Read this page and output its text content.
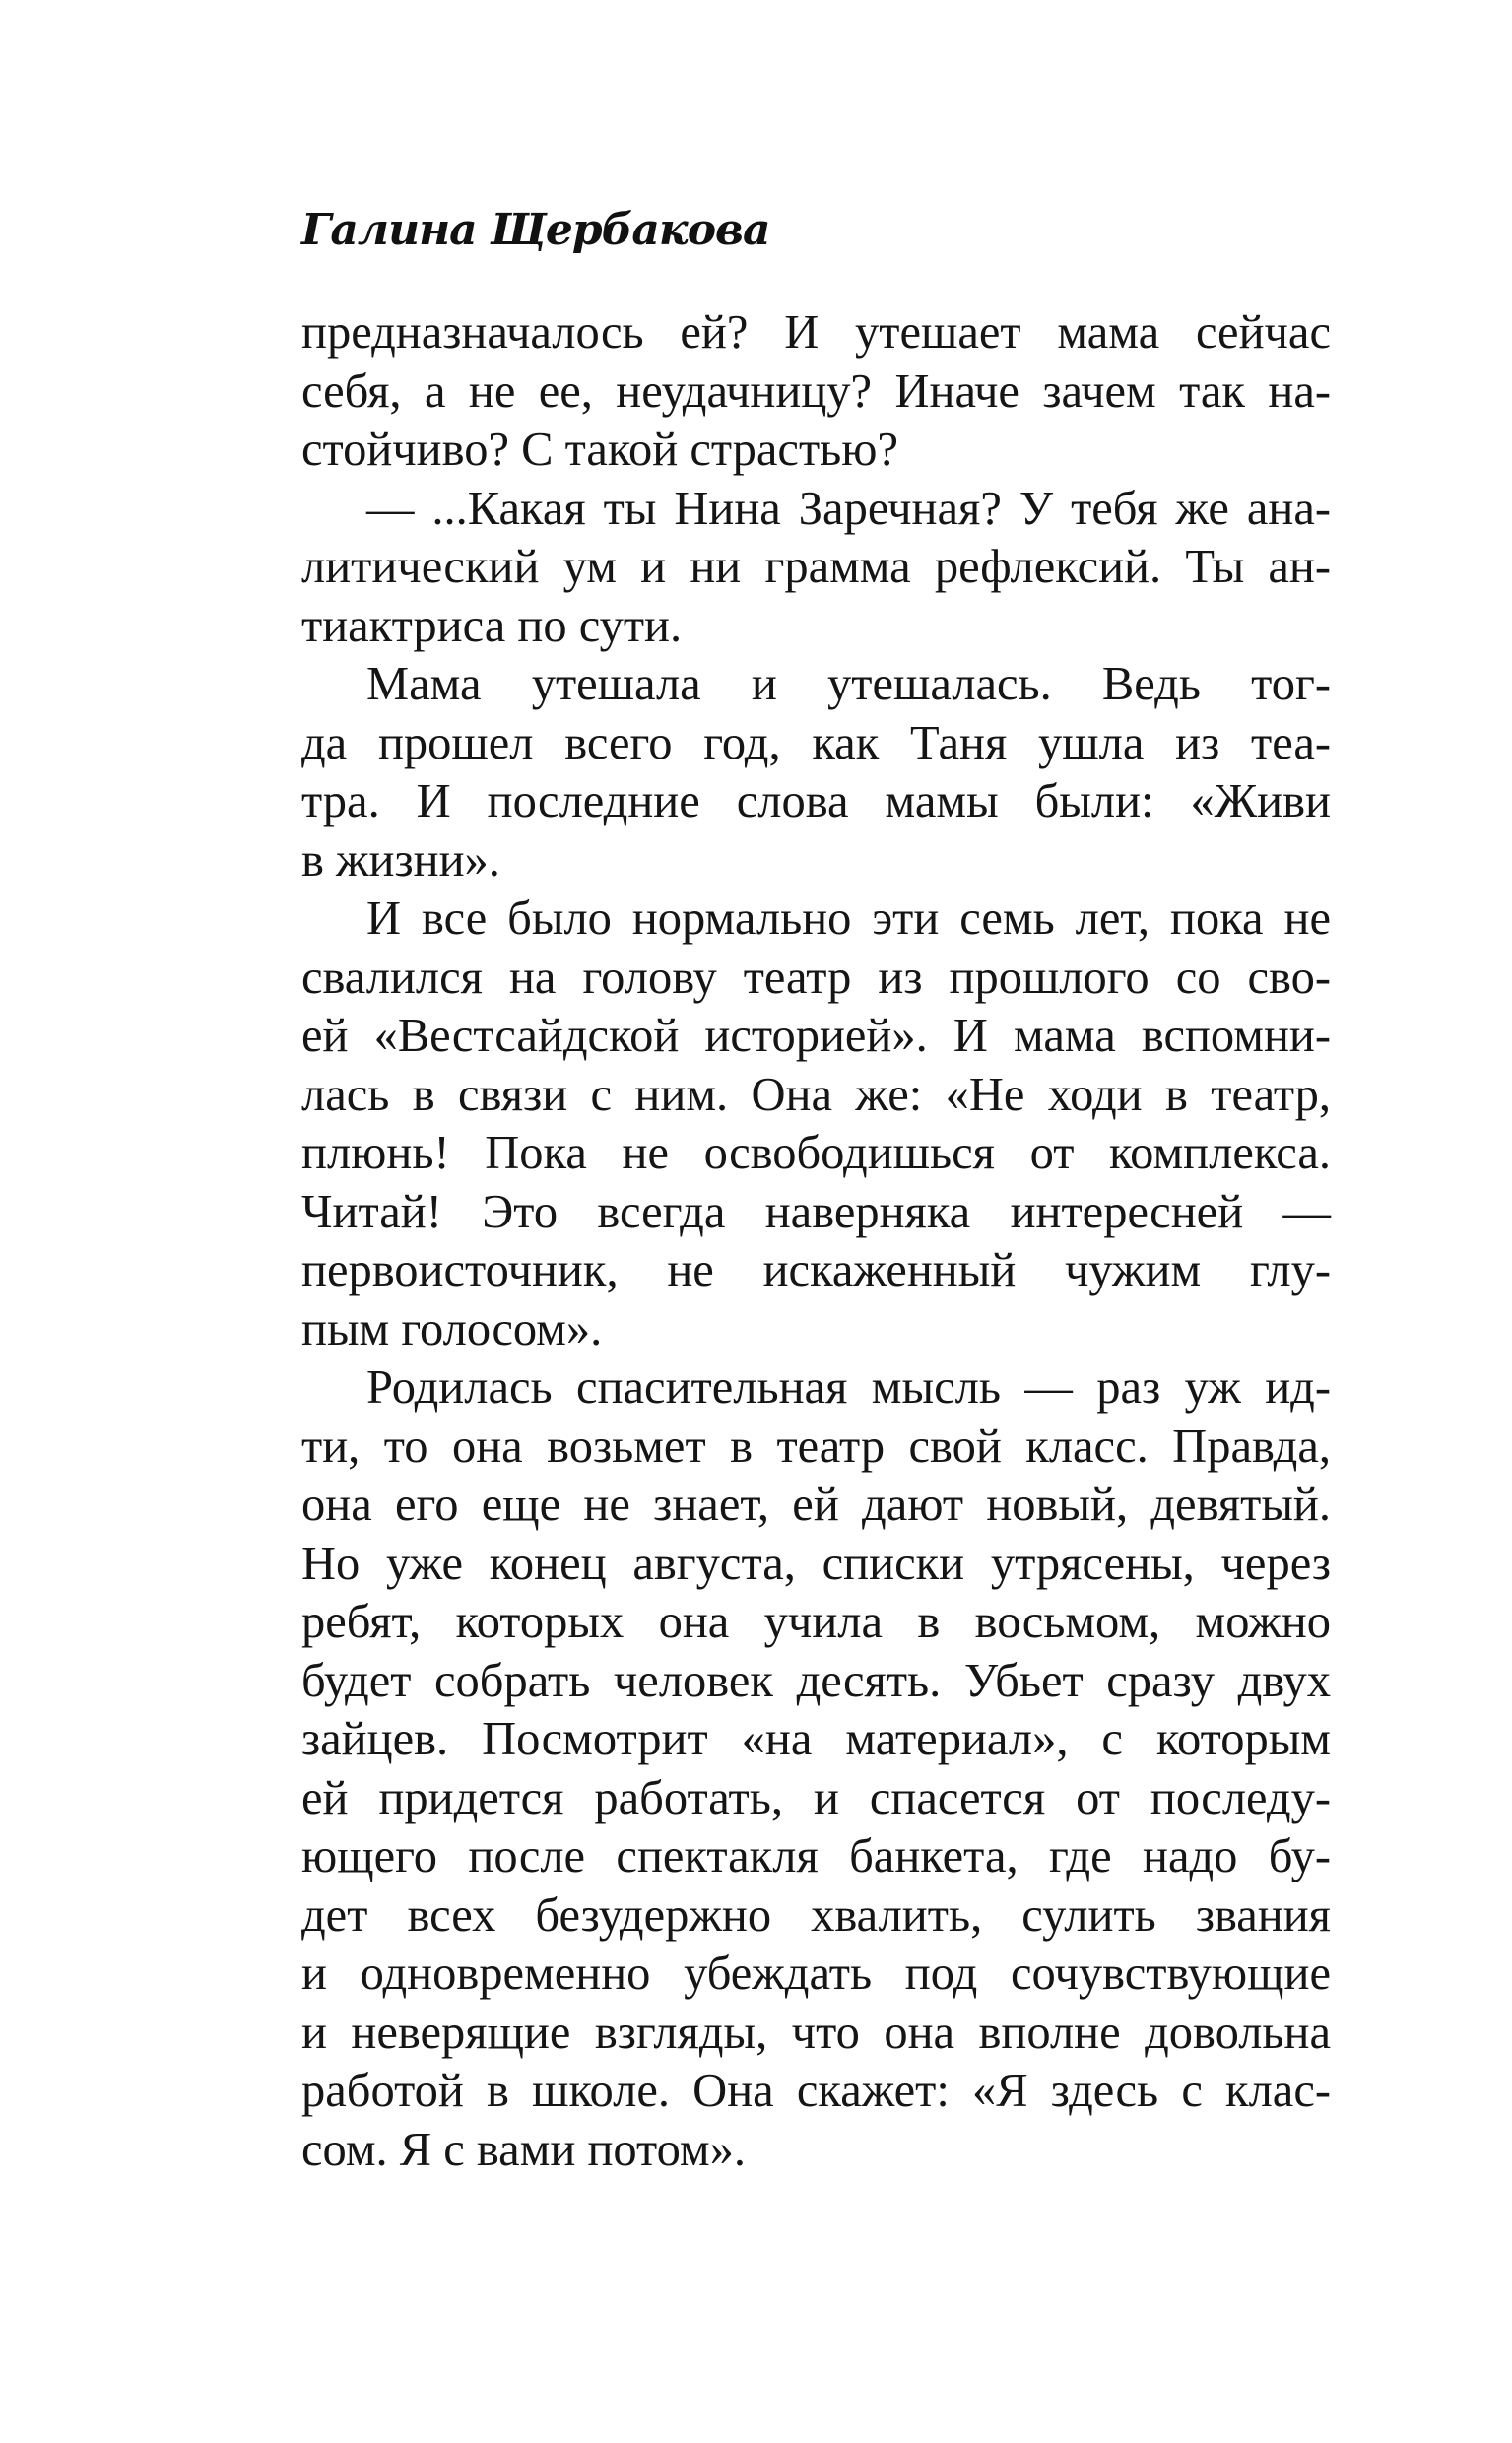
Галина Щербакова
предназначалось ей? И утешает мама сейчас
себя, а не ее, неудачницу? Иначе зачем так на-
стойчиво? С такой страстью?
— ...Какая ты Нина Заречная? У тебя же ана-
литический ум и ни грамма рефлексий. Ты ан-
тиактриса по сути.
Мама утешала и утешалась. Ведь тог-
да прошел всего год, как Таня ушла из теа-
тра. И последние слова мамы были: «Живи
в жизни».
И все было нормально эти семь лет, пока не
свалился на голову театр из прошлого со сво-
ей «Вестсайдской историей». И мама вспомни-
лась в связи с ним. Она же: «Не ходи в театр,
плюнь! Пока не освободишься от комплекса.
Читай! Это всегда наверняка интересней —
первоисточник, не искаженный чужим глу-
пым голосом».
Родилась спасительная мысль — раз уж ид-
ти, то она возьмет в театр свой класс. Правда,
она его еще не знает, ей дают новый, девятый.
Но уже конец августа, списки утрясены, через
ребят, которых она учила в восьмом, можно
будет собрать человек десять. Убьет сразу двух
зайцев. Посмотрит «на материал», с которым
ей придется работать, и спасется от последу-
ющего после спектакля банкета, где надо бу-
дет всех безудержно хвалить, сулить звания
и одновременно убеждать под сочувствующие
и неверящие взгляды, что она вполне довольна
работой в школе. Она скажет: «Я здесь с клас-
сом. Я с вами потом».
